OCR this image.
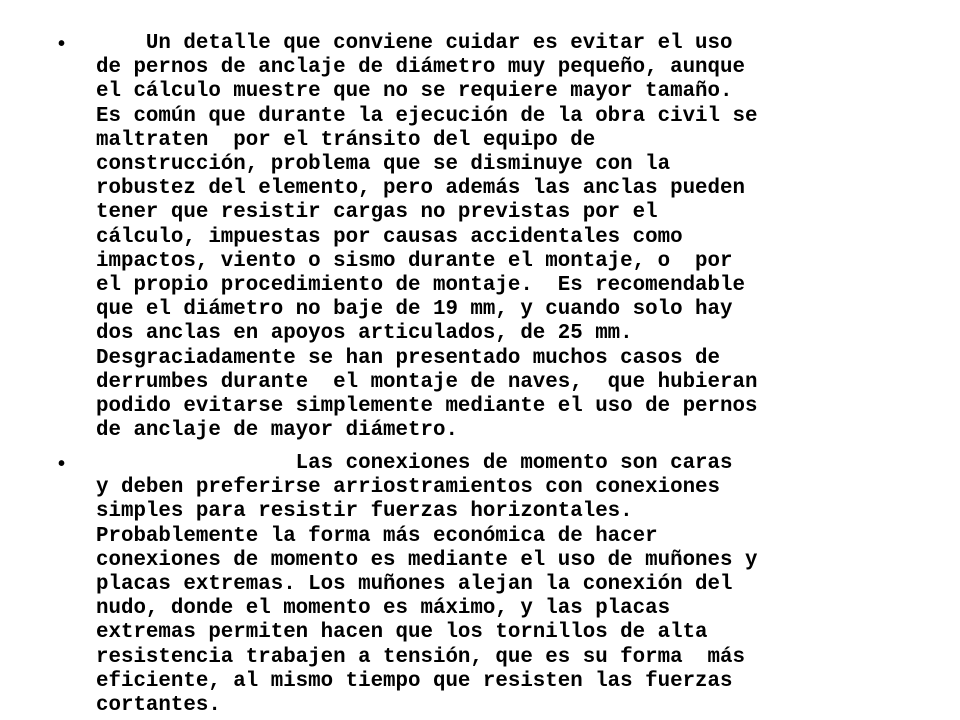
•	Un detalle que conviene cuidar es evitar el uso
de pernos de anclaje de diámetro muy pequeño, aunque
el cálculo muestre que no se requiere mayor tamaño.
Es común que durante la ejecución de la obra civil se
maltraten  por el tránsito del equipo de
construcción, problema que se disminuye con la
robustez del elemento, pero además las anclas pueden
tener que resistir cargas no previstas por el
cálculo, impuestas por causas accidentales como
impactos, viento o sismo durante el montaje, o  por
el propio procedimiento de montaje.  Es recomendable
que el diámetro no baje de 19 mm, y cuando solo hay
dos anclas en apoyos articulados, de 25 mm.
Desgraciadamente se han presentado muchos casos de
derrumbes durante  el montaje de naves,  que hubieran
podido evitarse simplemente mediante el uso de pernos
de anclaje de mayor diámetro.

•	Las conexiones de momento son caras
y deben preferirse arriostramientos con conexiones
simples para resistir fuerzas horizontales.
Probablemente la forma más económica de hacer
conexiones de momento es mediante el uso de muñones y
placas extremas. Los muñones alejan la conexión del
nudo, donde el momento es máximo, y las placas
extremas permiten hacen que los tornillos de alta
resistencia trabajen a tensión, que es su forma  más
eficiente, al mismo tiempo que resisten las fuerzas
cortantes.
